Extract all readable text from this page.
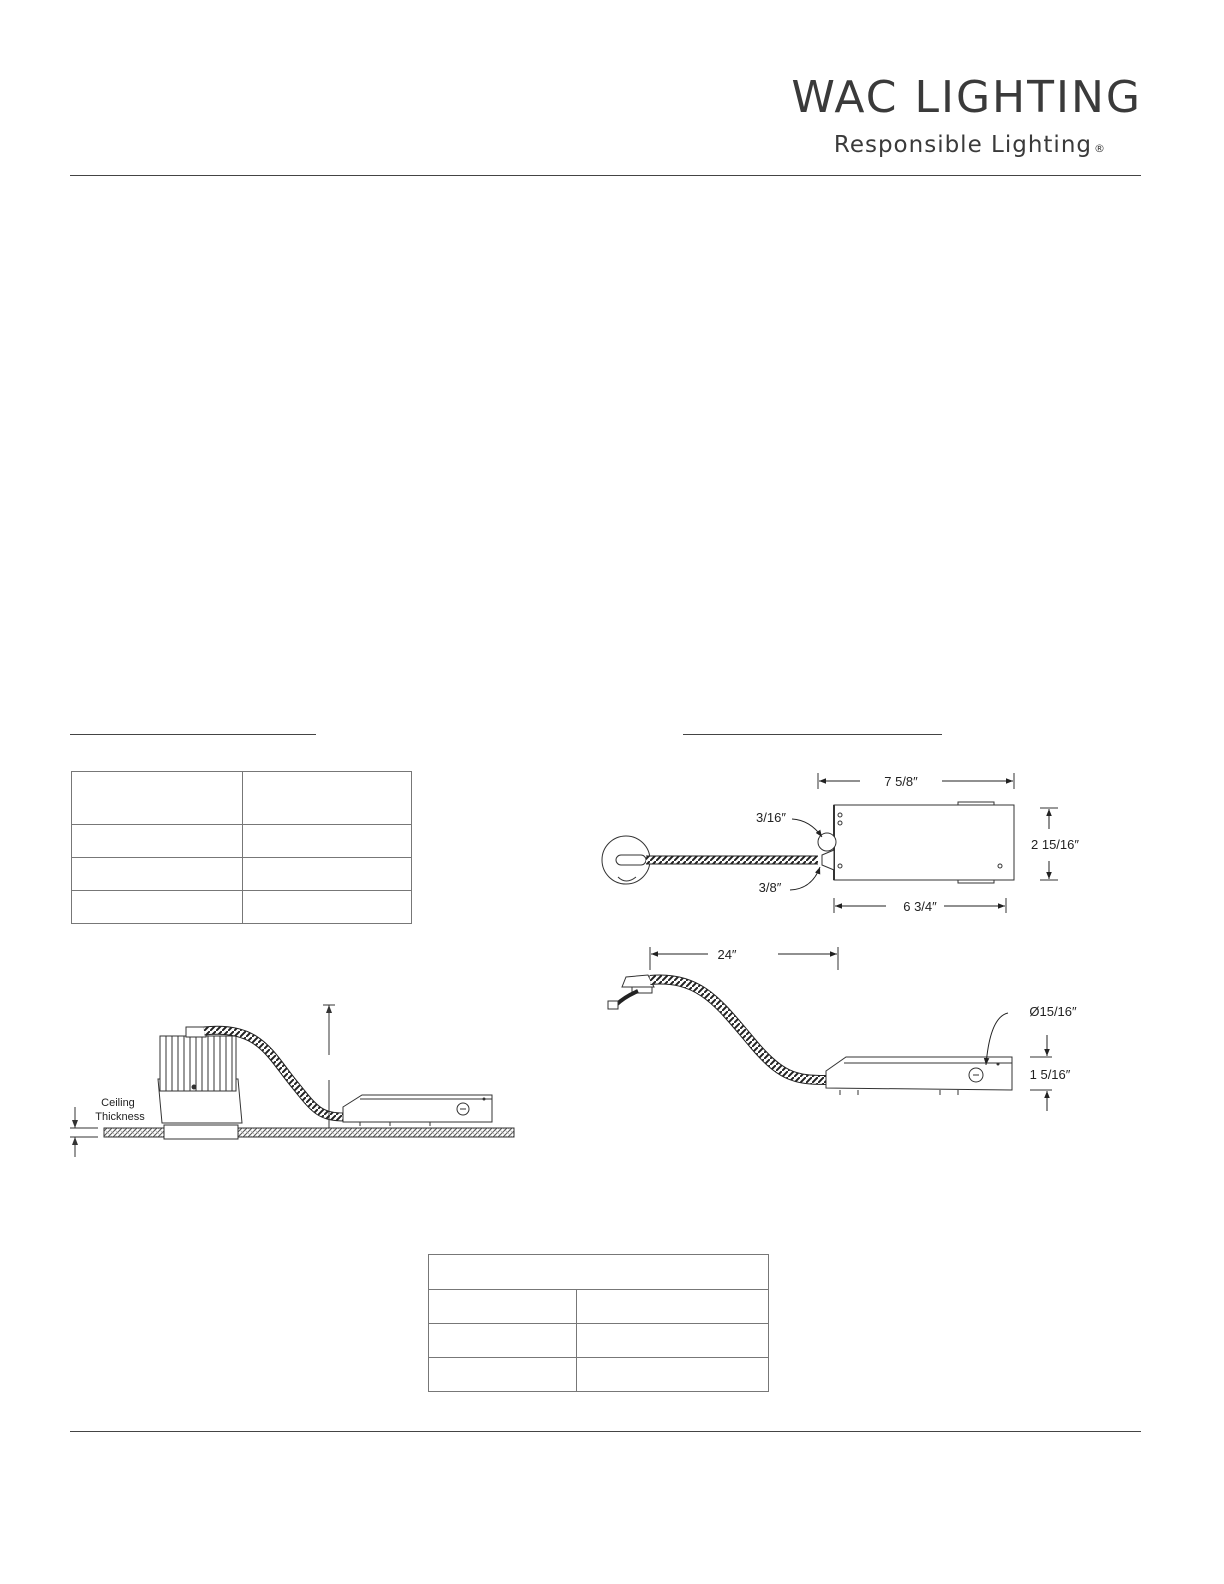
WAC LIGHTING
Responsible Lighting ®

Ceiling
Thickness
7 5/8″
3/16″
3/8″
2 15/16″
6 3/4″
24″
Ø15/16″
1 5/16″
